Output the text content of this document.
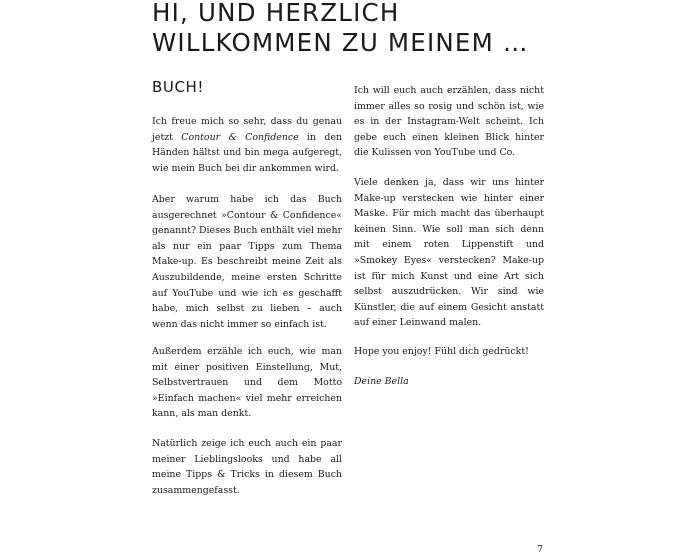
HI, UND HERZLICH
WILLKOMMEN ZU MEINEM …
BUCH!

Ich freue mich so sehr, dass du genau jetzt Contour & Confidence in den Händen hältst und bin mega aufgeregt, wie mein Buch bei dir ankommen wird.

Aber warum habe ich das Buch ausgerechnet »Contour & Confidence« genannt? Dieses Buch enthält viel mehr als nur ein paar Tipps zum Thema Make-up. Es beschreibt meine Zeit als Auszubildende, meine ersten Schritte auf YouTube und wie ich es geschafft habe, mich selbst zu lieben – auch wenn das nicht immer so einfach ist.

Außerdem erzähle ich euch, wie man mit einer positiven Einstellung, Mut, Selbstvertrauen und dem Motto »Einfach machen« viel mehr erreichen kann, als man denkt.

Natürlich zeige ich euch auch ein paar meiner Lieblingslooks und habe all meine Tipps & Tricks in diesem Buch zusammengefasst.

Ich will euch auch erzählen, dass nicht immer alles so rosig und schön ist, wie es in der Instagram-Welt scheint. Ich gebe euch einen kleinen Blick hinter die Kulissen von YouTube und Co.

Viele denken ja, dass wir uns hinter Make-up verstecken wie hinter einer Maske. Für mich macht das überhaupt keinen Sinn. Wie soll man sich denn mit einem roten Lippenstift und »Smokey Eyes« verstecken? Make-up ist für mich Kunst und eine Art sich selbst auszudrücken. Wir sind wie Künstler, die auf einem Gesicht anstatt auf einer Leinwand malen.

Hope you enjoy! Fühl dich gedrückt!

Deine Bella

7
